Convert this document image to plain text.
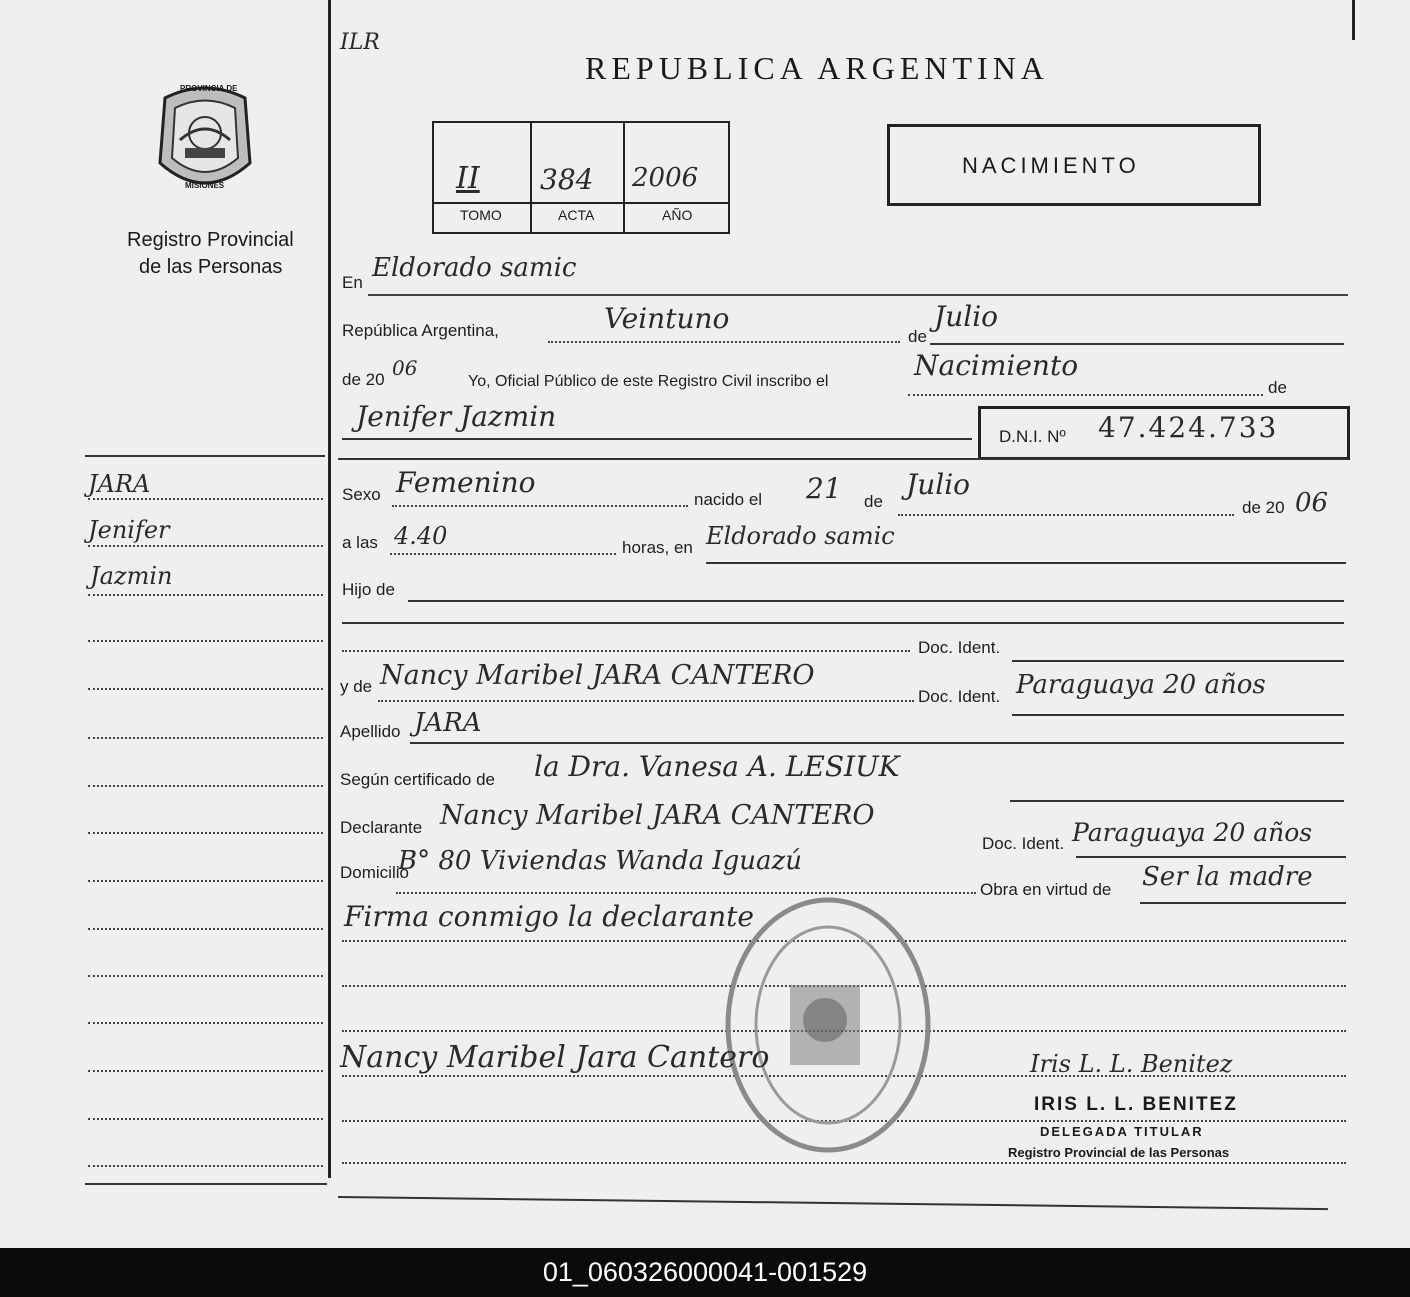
ILR
PROVINCIA DE
MISIONES
Registro Provincial
de las Personas
REPUBLICA ARGENTINA
II 384 2006
TOMO	ACTA	AÑO
NACIMIENTO
JARA
Jenifer
Jazmin
En Eldorado samic
República Argentina,	Veintuno
de
Julio
de 20 06
Yo, Oficial Público de este Registro Civil inscribo el	Nacimiento
de
Jenifer Jazmin
D.N.I. Nº 47.424.733
Sexo Femenino
nacido el 21 de
Julio
de 20 06
a las 4.40	horas, en Eldorado samic
Hijo de
Doc. Ident.
y de Nancy Maribel JARA CANTERO
Doc. Ident. Paraguaya 20 años
Apellido JARA
Según certificado de la Dra. Vanesa A. LESIUK
Declarante Nancy Maribel JARA CANTERO
Doc. Ident. Paraguaya 20 años
Domicilio
B° 80 Viviendas Wanda Iguazú
Obra en virtud de Ser la madre
Firma conmigo la declarante
Nancy Maribel Jara Cantero	Iris L. L. Benitez
IRIS L. L. BENITEZ
DELEGADA TITULAR
Registro Provincial de las Personas
01_060326000041-001529
